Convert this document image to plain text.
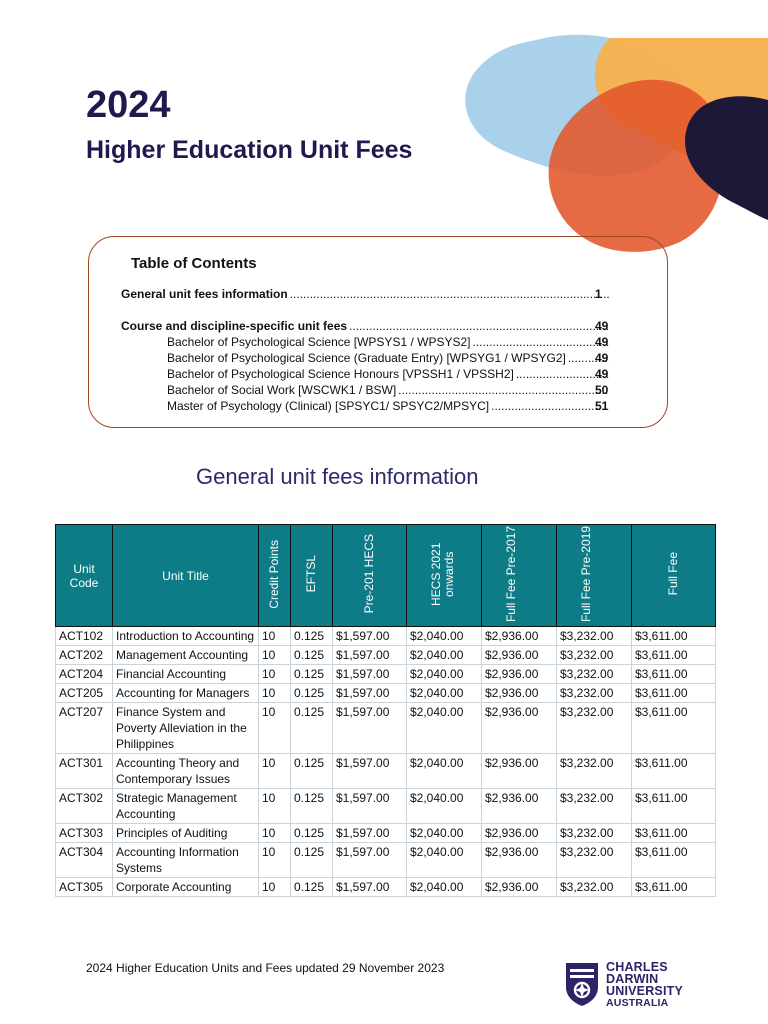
2024
Higher Education Unit Fees
Table of Contents
General unit fees information .....	1
Course and discipline-specific unit fees .....	49
Bachelor of Psychological Science [WPSYS1 / WPSYS2] .....	49
Bachelor of Psychological Science (Graduate Entry) [WPSYG1 / WPSYG2] ..... 49
Bachelor of Psychological Science Honours [VPSSH1 / VPSSH2] .....	49
Bachelor of Social Work [WSCWK1 / BSW] .....	50
Master of Psychology (Clinical) [SPSYC1/ SPSYC2/MPSYC] .....	51
General unit fees information
Unit Code	Unit Title	Credit Points	EFTSL	Pre-201 HECS	HECS 2021 onwards	Full Fee Pre-2017	Full Fee Pre-2019	Full Fee
ACT102	Introduction to Accounting	10	0.125	$1,597.00	$2,040.00	$2,936.00	$3,232.00	$3,611.00
ACT202	Management Accounting	10	0.125	$1,597.00	$2,040.00	$2,936.00	$3,232.00	$3,611.00
ACT204	Financial Accounting	10	0.125	$1,597.00	$2,040.00	$2,936.00	$3,232.00	$3,611.00
ACT205	Accounting for Managers	10	0.125	$1,597.00	$2,040.00	$2,936.00	$3,232.00	$3,611.00
ACT207	Finance System and Poverty Alleviation in the Philippines	10	0.125	$1,597.00	$2,040.00	$2,936.00	$3,232.00	$3,611.00
ACT301	Accounting Theory and Contemporary Issues	10	0.125	$1,597.00	$2,040.00	$2,936.00	$3,232.00	$3,611.00
ACT302	Strategic Management Accounting	10	0.125	$1,597.00	$2,040.00	$2,936.00	$3,232.00	$3,611.00
ACT303	Principles of Auditing	10	0.125	$1,597.00	$2,040.00	$2,936.00	$3,232.00	$3,611.00
ACT304	Accounting Information Systems	10	0.125	$1,597.00	$2,040.00	$2,936.00	$3,232.00	$3,611.00
ACT305	Corporate Accounting	10	0.125	$1,597.00	$2,040.00	$2,936.00	$3,232.00	$3,611.00
2024 Higher Education Units and Fees updated 29 November 2023	CHARLES
DARWIN
UNIVERSITY
AUSTRALIA
